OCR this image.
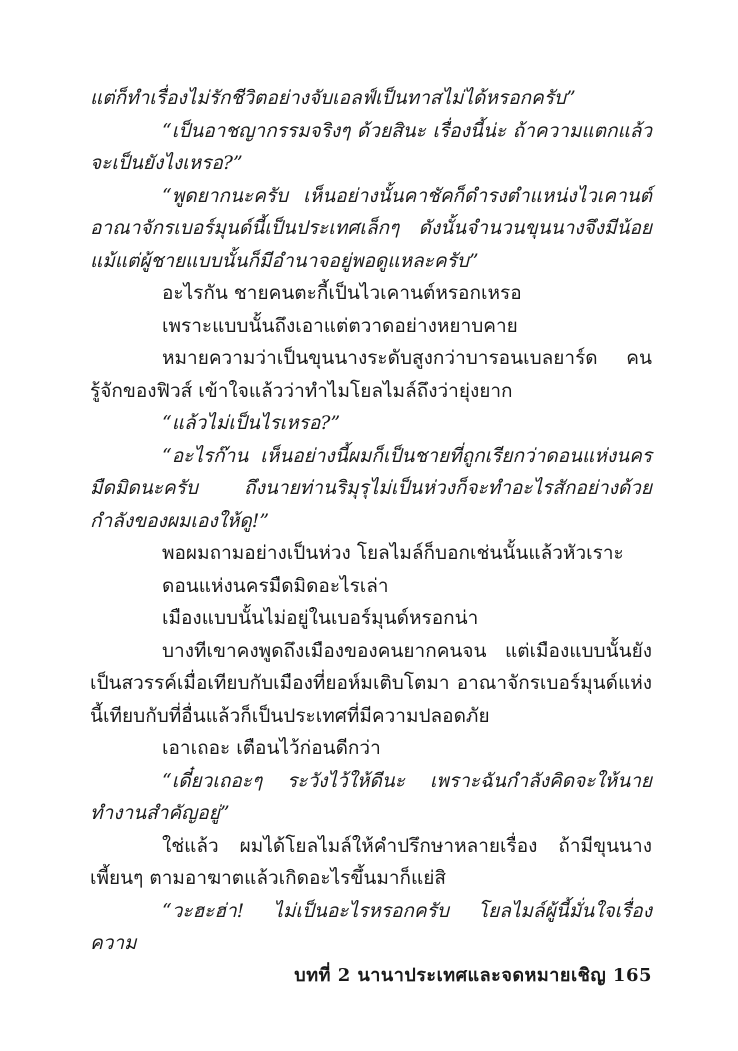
แต่ก็ทำเรื่องไม่รักชีวิตอย่างจับเอลฟ์เป็นทาสไม่ได้หรอกครับ”

“เป็นอาชญากรรมจริงๆ ด้วยสินะ เรื่องนี้น่ะ ถ้าความแตกแล้วจะเป็นยังไงเหรอ?”

“พูดยากนะครับ เห็นอย่างนั้นคาชัคก็ดำรงตำแหน่งไวเคานต์อาณาจักรเบอร์มุนด์นี้เป็นประเทศเล็กๆ ดังนั้นจำนวนขุนนางจึงมีน้อยแม้แต่ผู้ชายแบบนั้นก็มีอำนาจอยู่พอดูแหละครับ”

อะไรกัน ชายคนตะกี้เป็นไวเคานต์หรอกเหรอ

เพราะแบบนั้นถึงเอาแต่ตวาดอย่างหยาบคาย

หมายความว่าเป็นขุนนางระดับสูงกว่าบารอนเบลยาร์ด คนรู้จักของฟิวส์ เข้าใจแล้วว่าทำไมโยลไมล์ถึงว่ายุ่งยาก

“แล้วไม่เป็นไรเหรอ?”

“อะไรก๊าน เห็นอย่างนี้ผมก็เป็นชายที่ถูกเรียกว่าดอนแห่งนครมืดมิดนะครับ ถึงนายท่านริมุรุไม่เป็นห่วงก็จะทำอะไรสักอย่างด้วยกำลังของผมเองให้ดู!”

พอผมถามอย่างเป็นห่วง โยลไมล์ก็บอกเช่นนั้นแล้วหัวเราะ

ดอนแห่งนครมืดมิดอะไรเล่า

เมืองแบบนั้นไม่อยู่ในเบอร์มุนด์หรอกน่า

บางทีเขาคงพูดถึงเมืองของคนยากคนจน แต่เมืองแบบนั้นยังเป็นสวรรค์เมื่อเทียบกับเมืองที่ยอห์มเติบโตมา อาณาจักรเบอร์มุนด์แห่งนี้เทียบกับที่อื่นแล้วก็เป็นประเทศที่มีความปลอดภัย

เอาเถอะ เตือนไว้ก่อนดีกว่า

“เดี๋ยวเถอะๆ ระวังไว้ให้ดีนะ เพราะฉันกำลังคิดจะให้นายทำงานสำคัญอยู่”

ใช่แล้ว ผมได้โยลไมล์ให้คำปรึกษาหลายเรื่อง ถ้ามีขุนนางเพี้ยนๆ ตามอาฆาตแล้วเกิดอะไรขึ้นมาก็แย่สิ

“วะฮะฮ่า! ไม่เป็นอะไรหรอกครับ โยลไมล์ผู้นี้มั่นใจเรื่องความ

บทที่ 2 นานาประเทศและจดหมายเชิญ 165
